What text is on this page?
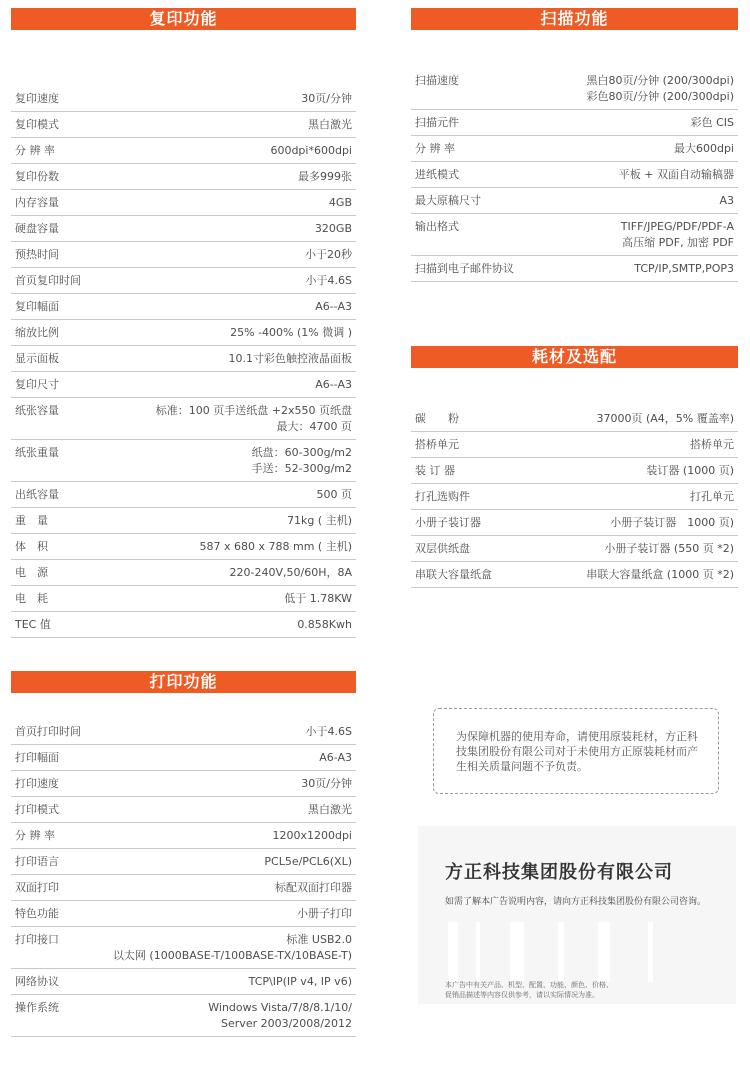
复印功能
复印速度	30页/分钟
复印模式	黑白激光
分 辨 率	600dpi*600dpi
复印份数	最多999张
内存容量	4GB
硬盘容量	320GB
预热时间	小于20秒
首页复印时间	小于4.6S
复印幅面	A6--A3
缩放比例	25% -400% (1% 微调 )
显示面板	10.1寸彩色触控液晶面板
复印尺寸	A6--A3
纸张容量	标准：100 页手送纸盘 +2x550 页纸盘
最大：4700 页
纸张重量	纸盘：60-300g/m2
手送：52-300g/m2
出纸容量	500 页
重　量	71kg ( 主机)
体　积	587 x 680 x 788 mm ( 主机)
电　源	220-240V,50/60H，8A
电　耗	低于 1.78KW
TEC 值	0.858Kwh
扫描功能
扫描速度	黑白80页/分钟 (200/300dpi)
彩色80页/分钟 (200/300dpi)
扫描元件	彩色 CIS
分 辨 率	最大600dpi
进纸模式	平板 + 双面自动输稿器
最大原稿尺寸	A3
输出格式	TIFF/JPEG/PDF/PDF-A
高压缩 PDF, 加密 PDF
扫描到电子邮件协议	TCP/IP,SMTP,POP3
耗材及选配
碳　　粉	37000页 (A4，5% 覆盖率)
搭桥单元	搭桥单元
装 订 器	装订器 (1000 页)
打孔选购件	打孔单元
小册子装订器	小册子装订器　1000 页)
双层供纸盘	小册子装订器 (550 页 *2)
串联大容量纸盒	串联大容量纸盒 (1000 页 *2)
打印功能
首页打印时间	小于4.6S
打印幅面	A6-A3
打印速度	30页/分钟
打印模式	黑白激光
分 辨 率	1200x1200dpi
打印语言	PCL5e/PCL6(XL)
双面打印	标配双面打印器
特色功能	小册子打印
打印接口	标准 USB2.0
以太网 (1000BASE-T/100BASE-TX/10BASE-T)
网络协议	TCP\IP(IP v4, IP v6)
操作系统	Windows Vista/7/8/8.1/10/
Server 2003/2008/2012
为保障机器的使用寿命，请使用原装耗材，方正科技集团股份有限公司对于未使用方正原装耗材而产生相关质量问题不予负责。
方正科技集团股份有限公司
如需了解本广告说明内容，请向方正科技集团股份有限公司咨询。
本广告中有关产品、机型、配置、功能、颜色、价格、
促销品描述等内容仅供参考，请以实际情况为准。
